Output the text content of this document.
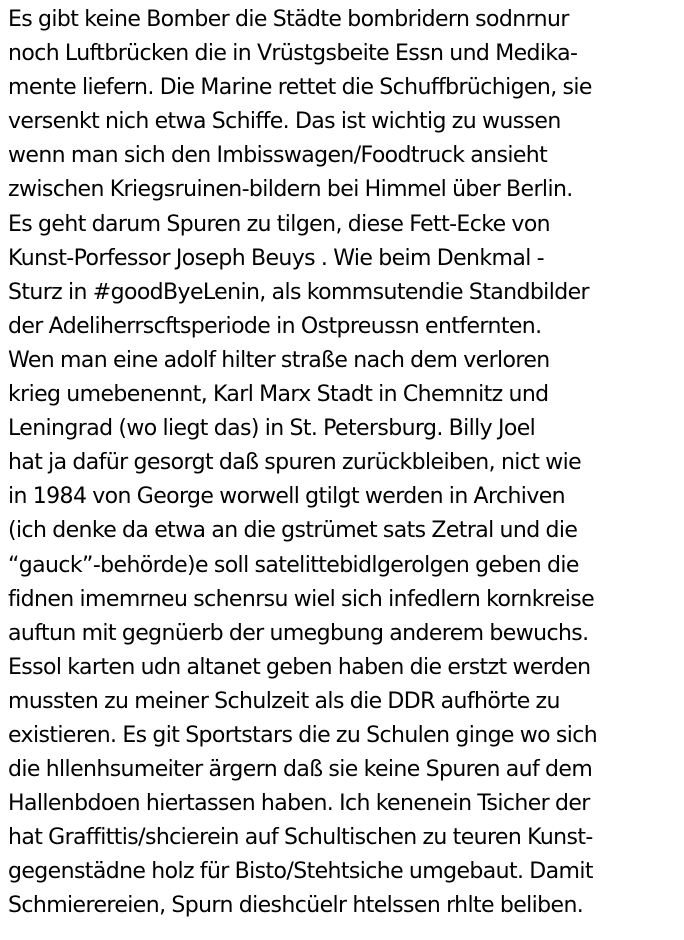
Es gibt keine Bomber die Städte bombridern sodnrnur
noch Luftbrücken die in Vrüstgsbeite Essn und Medika-
mente liefern. Die Marine rettet die Schuffbrüchigen, sie
versenkt nich etwa Schiffe. Das ist wichtig zu wussen
wenn man sich den Imbisswagen/Foodtruck ansieht
zwischen Kriegsruinen-bildern bei Himmel über Berlin.
Es geht darum Spuren zu tilgen, diese Fett-Ecke von
Kunst-Porfessor Joseph Beuys . Wie beim Denkmal -
Sturz in #goodByeLenin, als kommsutendie Standbilder
der Adeliherrscftsperiode in Ostpreussn entfernten.
Wen man eine adolf hilter straße nach dem verloren
krieg umebenennt, Karl Marx Stadt in Chemnitz und
Leningrad (wo liegt das) in St. Petersburg. Billy Joel
hat ja dafür gesorgt daß spuren zurückbleiben, nict wie
in 1984 von George worwell gtilgt werden in Archiven
(ich denke da etwa an die gstrümet sats Zetral und die
“gauck”-behörde)e soll satelittebidlgerolgen geben die
fidnen imemrneu schenrsu wiel sich infedlern kornkreise
auftun mit gegnüerb der umegbung anderem bewuchs.
Essol karten udn altanet geben haben die erstzt werden
mussten zu meiner Schulzeit als die DDR aufhörte zu
existieren. Es git Sportstars die zu Schulen ginge wo sich
die hllenhsumeiter ärgern daß sie keine Spuren auf dem
Hallenbdoen hiertassen haben. Ich kenenein Tsicher der
hat Graffittis/shcierein auf Schultischen zu teuren Kunst-
gegenstädne holz für Bisto/Stehtsiche umgebaut. Damit
Schmierereien, Spurn dieshcüelr htelssen rhlte beliben.
